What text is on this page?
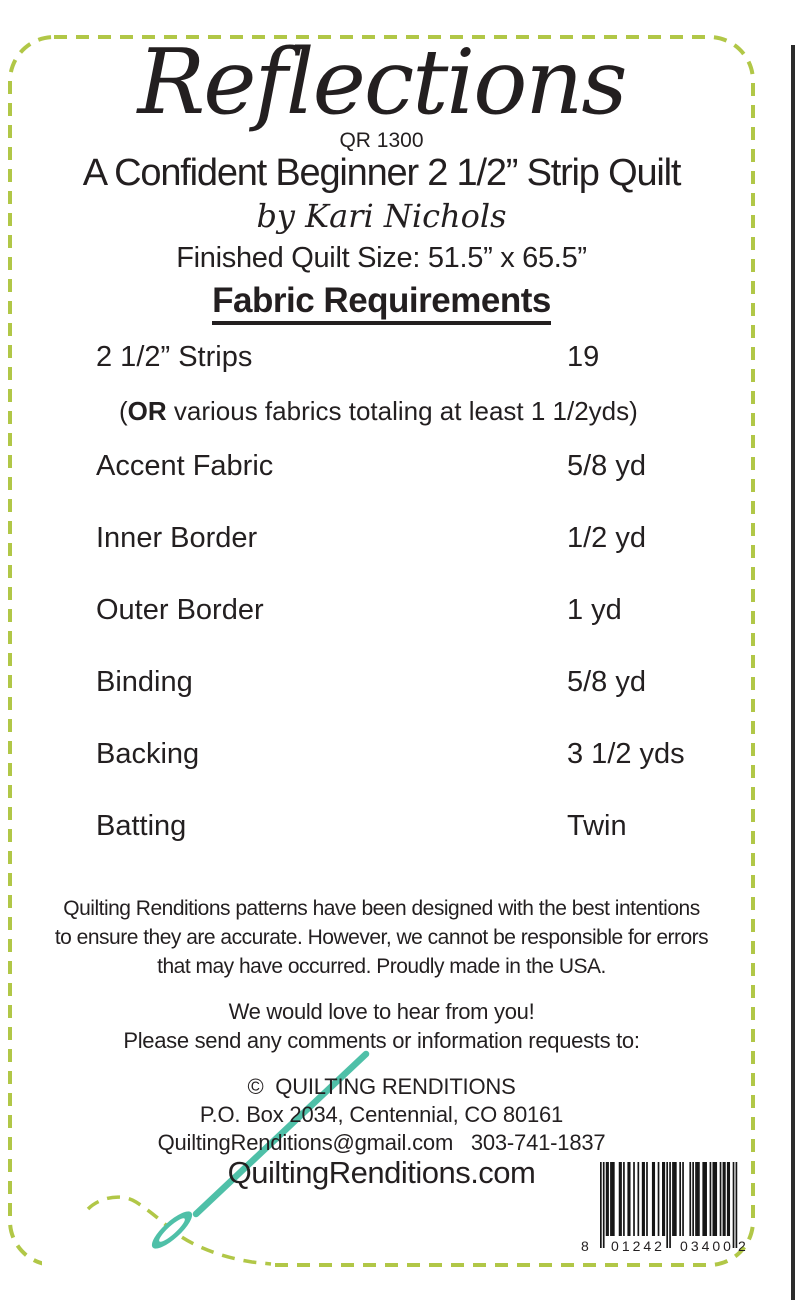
Reflections
QR 1300
A Confident Beginner 2 1/2” Strip Quilt
by Kari Nichols
Finished Quilt Size: 51.5” x 65.5”
Fabric Requirements
2 1/2” Strips	19
(OR various fabrics totaling at least 1 1/2yds)
Accent Fabric	5/8 yd
Inner Border	1/2 yd
Outer Border	1 yd
Binding	5/8 yd
Backing	3 1/2 yds
Batting	Twin
Quilting Renditions patterns have been designed with the best intentions
to ensure they are accurate. However, we cannot be responsible for errors
that may have occurred. Proudly made in the USA.
We would love to hear from you!
Please send any comments or information requests to:
©  QUILTING RENDITIONS
P.O. Box 2034, Centennial, CO 80161
QuiltingRenditions@gmail.com   303-741-1837
QuiltingRenditions.com
8 01242 03400 2
